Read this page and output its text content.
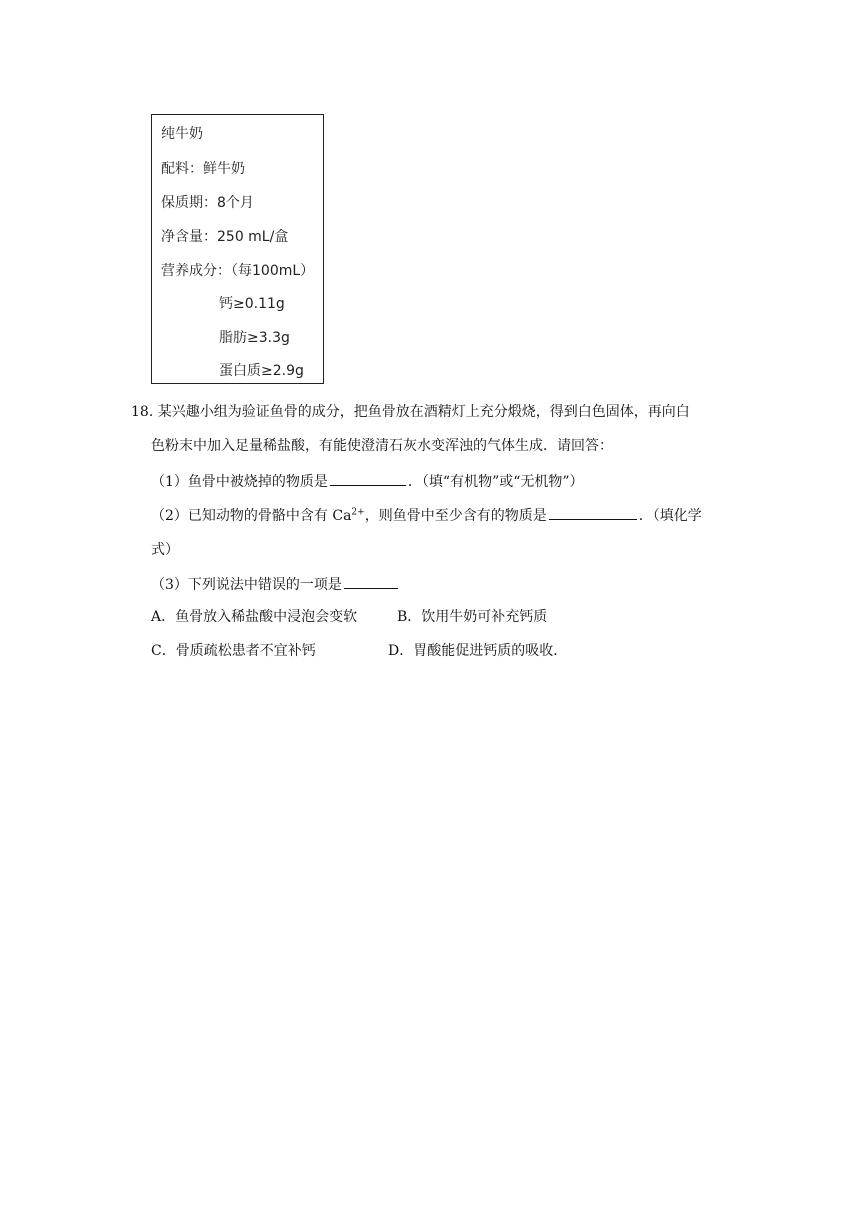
纯牛奶
配料：鲜牛奶
保质期：8个月
净含量：250 mL/盒
营养成分：（每100mL）
钙≥0.11g
脂肪≥3.3g
蛋白质≥2.9g
18. 某兴趣小组为验证鱼骨的成分，把鱼骨放在酒精灯上充分煅烧，得到白色固体，再向白
色粉末中加入足量稀盐酸，有能使澄清石灰水变浑浊的气体生成．请回答：
（1）鱼骨中被烧掉的物质是	．（填“有机物”或“无机物”）
（2）已知动物的骨骼中含有 $Ca^{2+}$，则鱼骨中至少含有的物质是	．（填化学
式）
（3）下列说法中错误的一项是
A．鱼骨放入稀盐酸中浸泡会变软	B．饮用牛奶可补充钙质
C．骨质疏松患者不宜补钙	D．胃酸能促进钙质的吸收．
